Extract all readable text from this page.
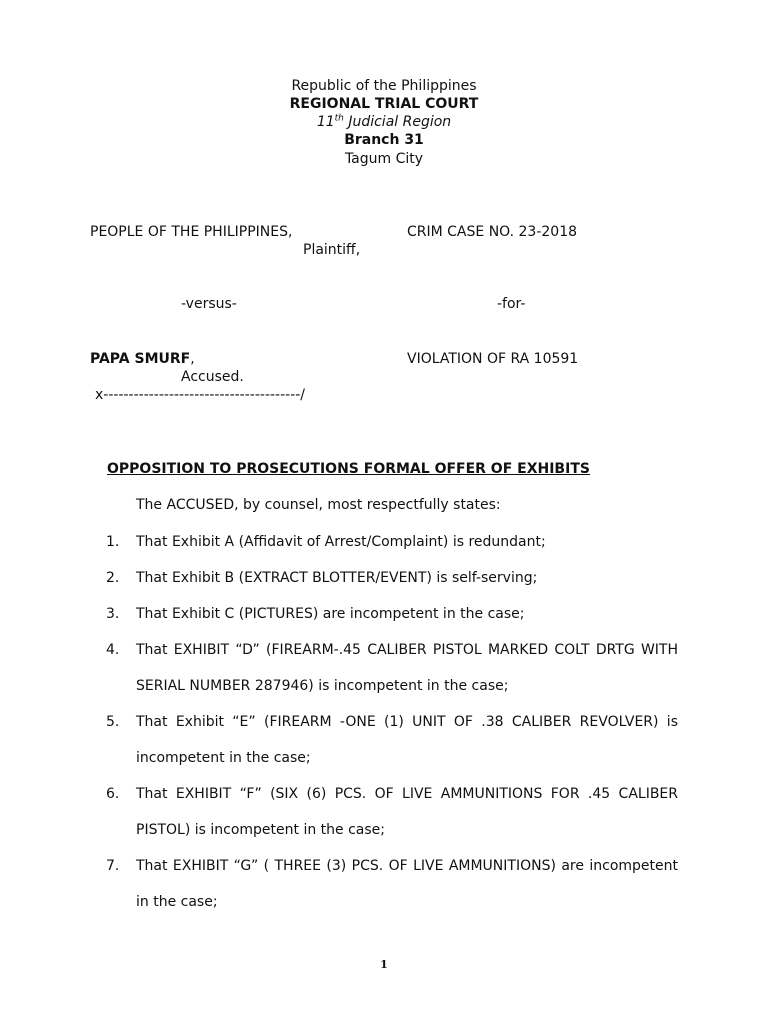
Republic of the Philippines
REGIONAL TRIAL COURT
11th Judicial Region
Branch 31
Tagum City
PEOPLE OF THE PHILIPPINES,
Plaintiff,
CRIM CASE NO. 23-2018
-versus-	-for-
PAPA SMURF,
Accused.
VIOLATION OF RA 10591
x---------------------------------------/
OPPOSITION TO PROSECUTIONS FORMAL OFFER OF EXHIBITS
The ACCUSED, by counsel, most respectfully states:
1. That Exhibit A (Affidavit of Arrest/Complaint) is redundant;
2. That Exhibit B (EXTRACT BLOTTER/EVENT) is self-serving;
3. That Exhibit C (PICTURES) are incompetent in the case;
4. That EXHIBIT “D” (FIREARM-.45 CALIBER PISTOL MARKED COLT DRTG WITH SERIAL NUMBER 287946) is incompetent in the case;
5. That Exhibit “E” (FIREARM -ONE (1) UNIT OF .38 CALIBER REVOLVER) is incompetent in the case;
6. That EXHIBIT “F” (SIX (6) PCS. OF LIVE AMMUNITIONS FOR .45 CALIBER PISTOL) is incompetent in the case;
7. That EXHIBIT “G” ( THREE (3) PCS. OF LIVE AMMUNITIONS) are incompetent in the case;
1
